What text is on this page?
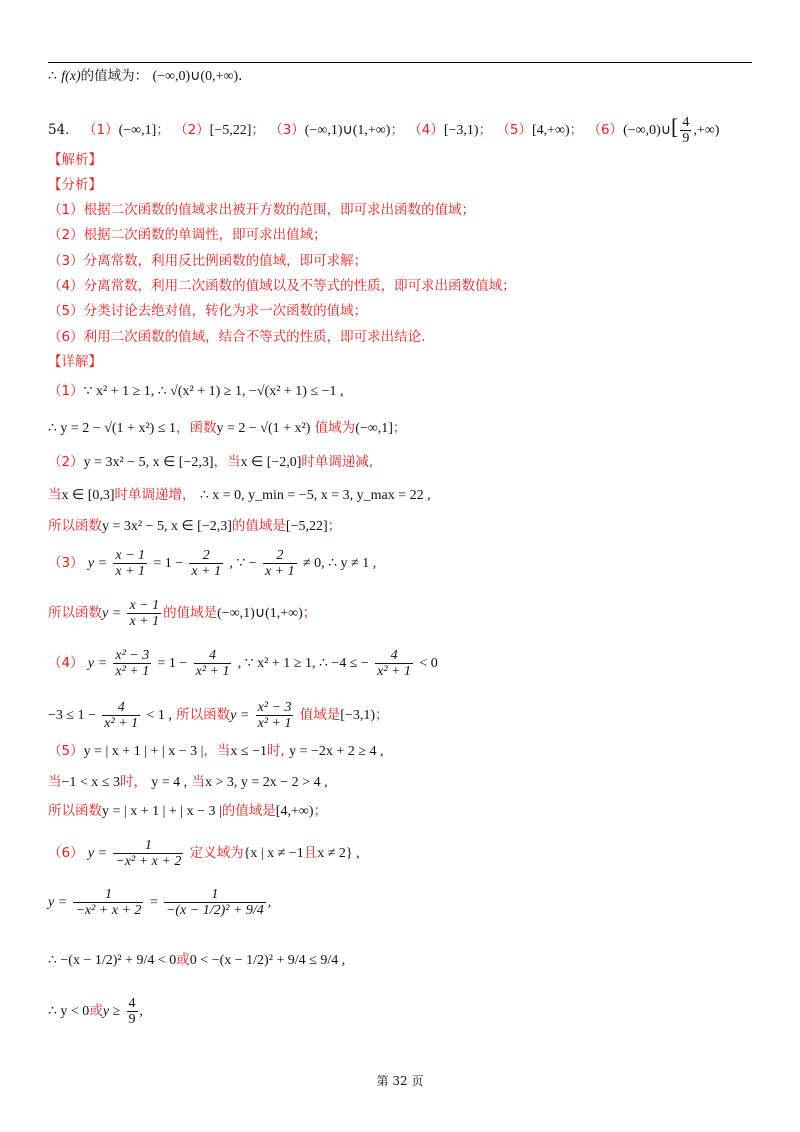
∴ f(x)的值域为： (−∞,0)∪(0,+∞).
54． （1）(−∞,1]； （2）[−5,22]； （3）(−∞,1)∪(1,+∞)； （4）[−3,1)； （5）[4,+∞)； （6）(−∞,0)∪[ $\frac{4}{9}$ ,+∞)
【解析】
【分析】
（1）根据二次函数的值域求出被开方数的范围，即可求出函数的值域；
（2）根据二次函数的单调性，即可求出值域；
（3）分离常数，利用反比例函数的值域，即可求解；
（4）分离常数，利用二次函数的值域以及不等式的性质，即可求出函数值域；
（5）分类讨论去绝对值，转化为求一次函数的值域；
（6）利用二次函数的值域，结合不等式的性质，即可求出结论.
【详解】
（1）∵ x² + 1 ≥ 1, ∴ √(x² + 1) ≥ 1, −√(x² + 1) ≤ −1 ,
∴ y = 2 − √(1 + x²) ≤ 1，函数y = 2 − √(1 + x²) 值域为(−∞,1]；
（2）y = 3x² − 5, x ∈ [−2,3]，当x ∈ [−2,0]时单调递减,
当x ∈ [0,3]时单调递增， ∴ x = 0, y_min = −5, x = 3, y_max = 22 ,
所以函数y = 3x² − 5, x ∈ [−2,3]的值域是[−5,22]；
（3） $y = \frac{x - 1}{x + 1} = 1 - \frac{2}{x + 1}$ , ∵ − $\frac{2}{x + 1} \ne 0$, ∴ y ≠ 1 ,
所以函数$y = \frac{x - 1}{x + 1}$ 的值域是(−∞,1)∪(1,+∞)；
（4） $y = \frac{\text{x² − 3}}{\text{x² + 1}} = 1 - \frac{4}{\text{x² + 1}}$ , ∵ x² + 1 ≥ 1, ∴ −4 ≤ − $\frac{4}{\text{x² + 1}} < 0$
$-3 \le 1 - \frac{4}{\text{x² + 1}} < 1$ , 所以函数$y = \frac{\text{x² − 3}}{\text{x² + 1}}$ 值域是[−3,1)；
（5）y = | x + 1 | + | x − 3 |，当x ≤ −1时, y = −2x + 2 ≥ 4 ,
当−1 < x ≤ 3时， y = 4 , 当x > 3, y = 2x − 2 > 4 ,
所以函数y = | x + 1 | + | x − 3 |的值域是[4,+∞)；
（6） $y = \frac{1}{\text{−x² + x + 2}}$ 定义域为{x | x ≠ −1且x ≠ 2} ,
$y = \frac{1}{\text{−x² + x + 2}} = \frac{1}{\text{−(x − 1/2)² + 9/4}}$ ,
∴ −(x − 1/2)² + 9/4 < 0或0 < −(x − 1/2)² + 9/4 ≤ 9/4 ,
∴ y < 0或$y \ge \frac{4}{9}$ ,
第 32 页
